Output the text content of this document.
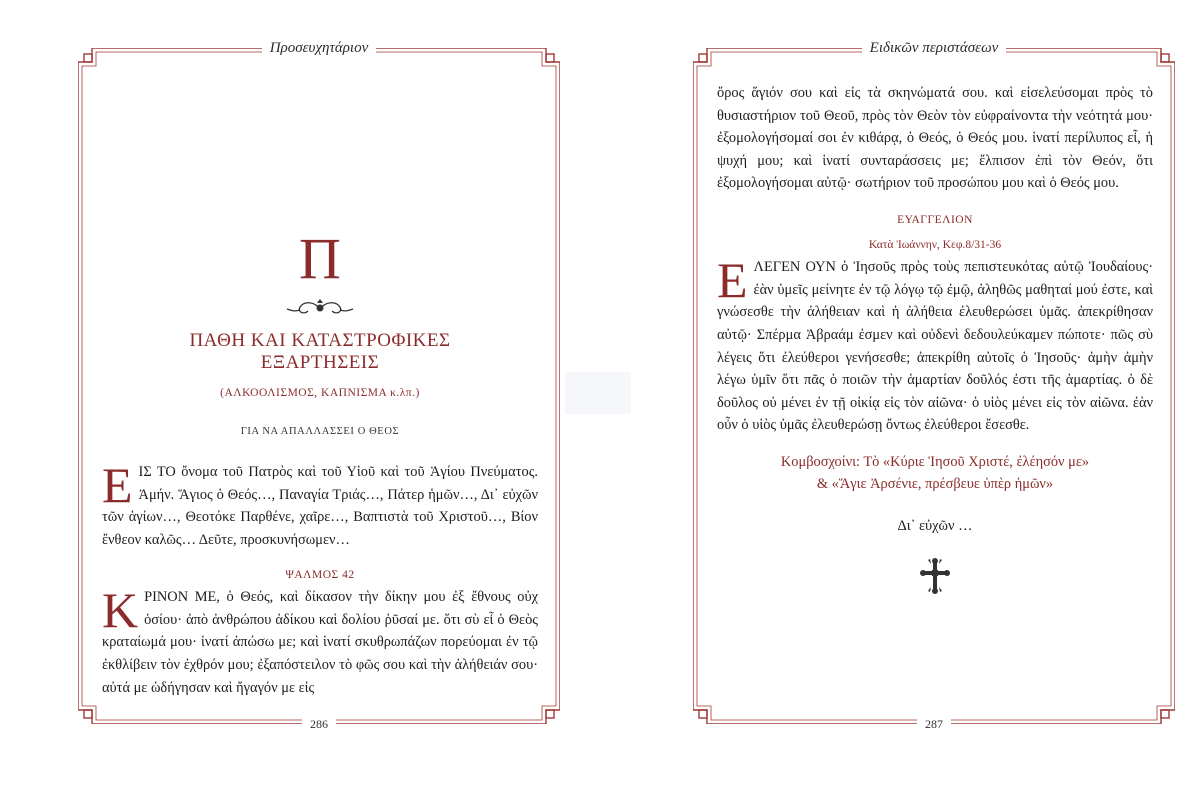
Προσευχητάριον
Π
ΠΑΘΗ ΚΑΙ ΚΑΤΑΣΤΡΟΦΙΚΕΣ
ΕΞΑΡΤΗΣΕΙΣ
(ΑΛΚΟΟΛΙΣΜΟΣ, ΚΑΠΝΙΣΜΑ κ.λπ.)
ΓΙΑ ΝΑ ΑΠΑΛΛΑΣΣΕΙ Ο ΘΕΟΣ
Ε ΙΣ ΤΟ ὄνομα τοῦ Πατρὸς καὶ τοῦ Υἱοῦ καὶ τοῦ Ἁγίου Πνεύματος. Ἀμήν. Ἅγιος ὁ Θεός…, Παναγία Τριάς…, Πάτερ ἡμῶν…, Δι᾽ εὐχῶν τῶν ἁγίων…, Θεοτόκε Παρθένε, χαῖρε…, Βαπτιστὰ τοῦ Χριστοῦ…, Βίον ἔνθεον καλῶς… Δεῦτε, προσκυνήσωμεν…

ΨΑΛΜΟΣ 42
Κ ΡΙΝΟΝ ΜΕ, ὁ Θεός, καὶ δίκασον τὴν δίκην μου ἐξ ἔθνους οὐχ ὁσίου· ἀπὸ ἀνθρώπου ἀδίκου καὶ δολίου ῥῦσαί με. ὅτι σὺ εἶ ὁ Θεὸς κραταίωμά μου· ἱνατί ἀπώσω με; καὶ ἱνατί σκυθρωπάζων πορεύομαι ἐν τῷ ἐκθλίβειν τὸν ἐχθρόν μου; ἐξαπόστειλον τὸ φῶς σου καὶ τὴν ἀλήθειάν σου· αὐτά με ὡδήγησαν καὶ ἤγαγόν με εἰς

286
Ειδικῶν περιστάσεων

ὄρος ἅγιόν σου καὶ εἰς τὰ σκηνώματά σου. καὶ εἰσελεύσομαι πρὸς τὸ θυσιαστήριον τοῦ Θεοῦ, πρὸς τὸν Θεὸν τὸν εὐφραίνοντα τὴν νεότητά μου· ἐξομολογήσομαί σοι ἐν κιθάρᾳ, ὁ Θεός, ὁ Θεός μου. ἱνατί περίλυπος εἶ, ἡ ψυχή μου; καὶ ἱνατί συνταράσσεις με; ἔλπισον ἐπὶ τὸν Θεόν, ὅτι ἐξομολογήσομαι αὐτῷ· σωτήριον τοῦ προσώπου μου καὶ ὁ Θεός μου.

ΕΥΑΓΓΕΛΙΟΝ
Κατὰ Ἰωάννην, Κεφ.8/31-36
Ε ΛΕΓΕΝ ΟΥΝ ὁ Ἰησοῦς πρὸς τοὺς πεπιστευκότας αὐτῷ Ἰουδαίους· ἐὰν ὑμεῖς μείνητε ἐν τῷ λόγῳ τῷ ἐμῷ, ἀληθῶς μαθηταί μού ἐστε, καὶ γνώσεσθε τὴν ἀλήθειαν καὶ ἡ ἀλήθεια ἐλευθερώσει ὑμᾶς. ἀπεκρίθησαν αὐτῷ· Σπέρμα Ἀβραάμ ἐσμεν καὶ οὐδενὶ δεδουλεύκαμεν πώποτε· πῶς σὺ λέγεις ὅτι ἐλεύθεροι γενήσεσθε; ἀπεκρίθη αὐτοῖς ὁ Ἰησοῦς· ἀμὴν ἀμὴν λέγω ὑμῖν ὅτι πᾶς ὁ ποιῶν τὴν ἁμαρτίαν δοῦλός ἐστι τῆς ἁμαρτίας. ὁ δὲ δοῦλος οὐ μένει ἐν τῇ οἰκίᾳ εἰς τὸν αἰῶνα· ὁ υἱὸς μένει εἰς τὸν αἰῶνα. ἐὰν οὖν ὁ υἱὸς ὑμᾶς ἐλευθερώσῃ ὄντως ἐλεύθεροι ἔσεσθε.

Κομβοσχοίνι: Τὸ «Κύριε Ἰησοῦ Χριστέ, ἐλέησόν με»
& «Ἅγιε Ἀρσένιε, πρέσβευε ὑπὲρ ἡμῶν»
Δι᾽ εὐχῶν …
287
